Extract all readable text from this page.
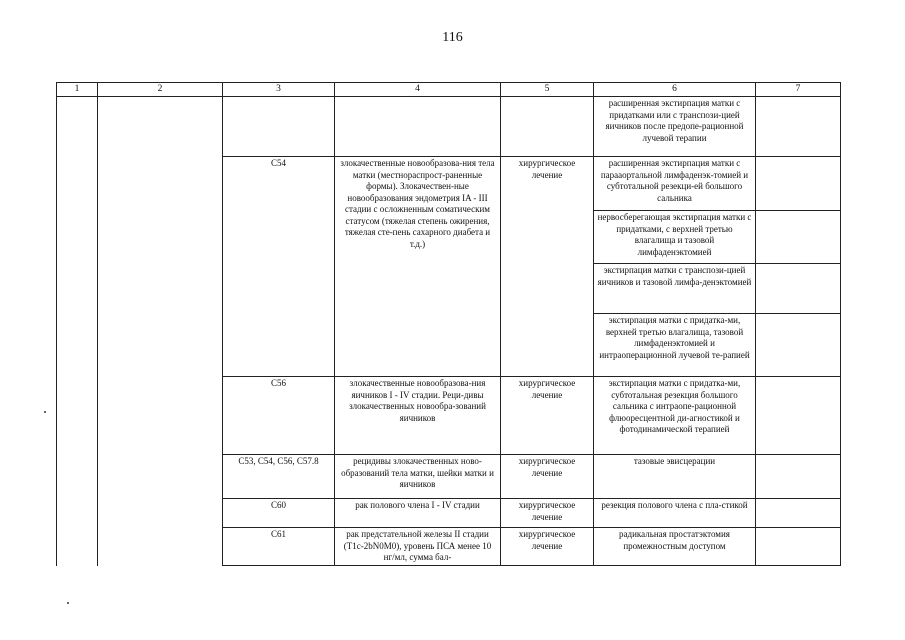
116
1	2	3	4	5	6	7
					расширенная экстирпация матки с придатками или с транспози-цией яичников после предопе-рационной лучевой терапии	
		C54	злокачественные новообразова-ния тела матки (местнораспрост-раненные формы). Злокачествен-ные новообразования эндометрия IA - III стадии с осложненным соматическим статусом (тяжелая степень ожирения, тяжелая сте-пень сахарного диабета и т.д.)	хирургическое лечение	расширенная экстирпация матки с парааортальной лимфаденэк-томией и субтотальной резекци-ей большого сальника	
					нервосберегающая экстирпация матки с придатками, с верхней третью влагалища и тазовой лимфаденэктомией	
					экстирпация матки с транспози-цией яичников и тазовой лимфа-денэктомией	
					экстирпация матки с придатка-ми, верхней третью влагалища, тазовой лимфаденэктомией и интраоперационной лучевой те-рапией	
		C56	злокачественные новообразова-ния яичников I - IV стадии. Реци-дивы злокачественных новообра-зований яичников	хирургическое лечение	экстирпация матки с придатка-ми, субтотальная резекция большого сальника с интраопе-рационной флюоресцентной ди-агностикой и фотодинамической терапией	
		C53, C54, C56, C57.8	рецидивы злокачественных ново-образований тела матки, шейки матки и яичников	хирургическое лечение	тазовые эвисцерации	
		C60	рак полового члена I - IV стадии	хирургическое лечение	резекция полового члена с пла-стикой	
		C61	рак предстательной железы II стадии (T1c-2bN0M0), уровень ПСА менее 10 нг/мл, сумма бал-	хирургическое лечение	радикальная простатэктомия промежностным доступом	
